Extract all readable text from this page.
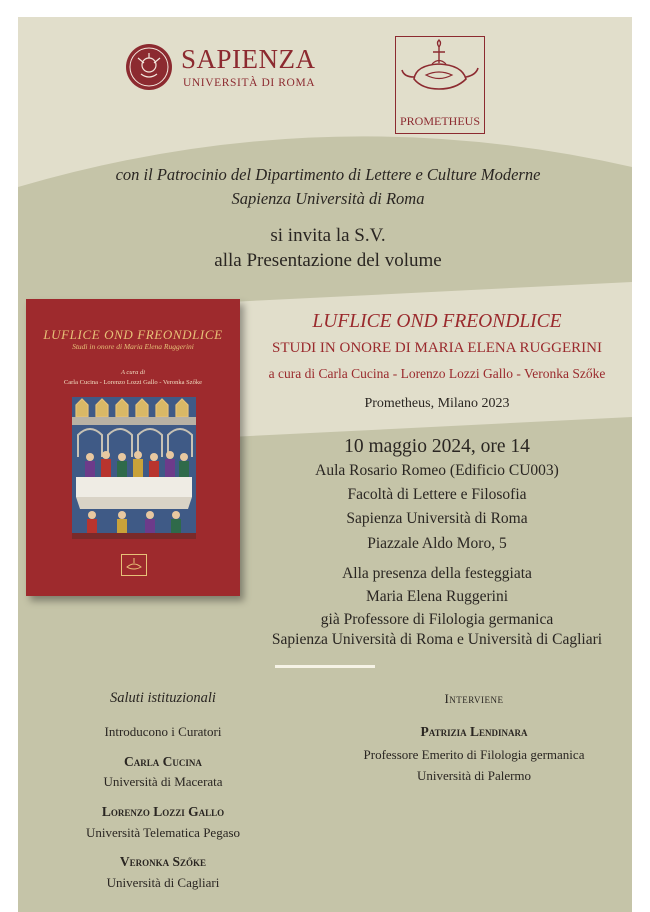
SAPIENZA
UNIVERSITÀ DI ROMA
PROMETHEUS
con il Patrocinio del Dipartimento di Lettere e Culture Moderne
Sapienza Università di Roma
si invita la S.V.
alla Presentazione del volume
LUFLICE OND FREONDLICE
Studi in onore di Maria Elena Ruggerini
A cura di
Carla Cucina - Lorenzo Lozzi Gallo - Veronka Szőke
LUFLICE OND FREONDLICE
STUDI IN ONORE DI MARIA ELENA RUGGERINI
a cura di Carla Cucina - Lorenzo Lozzi Gallo - Veronka Szőke
Prometheus, Milano 2023
10 maggio 2024, ore 14
Aula Rosario Romeo (Edificio CU003)
Facoltà di Lettere e Filosofia
Sapienza Università di Roma
Piazzale Aldo Moro, 5
Alla presenza della festeggiata
Maria Elena Ruggerini
già Professore di Filologia germanica
Sapienza Università di Roma e Università di Cagliari
Saluti istituzionali
Introducono i Curatori
Carla Cucina
Università di Macerata
Lorenzo Lozzi Gallo
Università Telematica Pegaso
Veronka Szőke
Università di Cagliari
Interviene
Patrizia Lendinara
Professore Emerito di Filologia germanica
Università di Palermo
